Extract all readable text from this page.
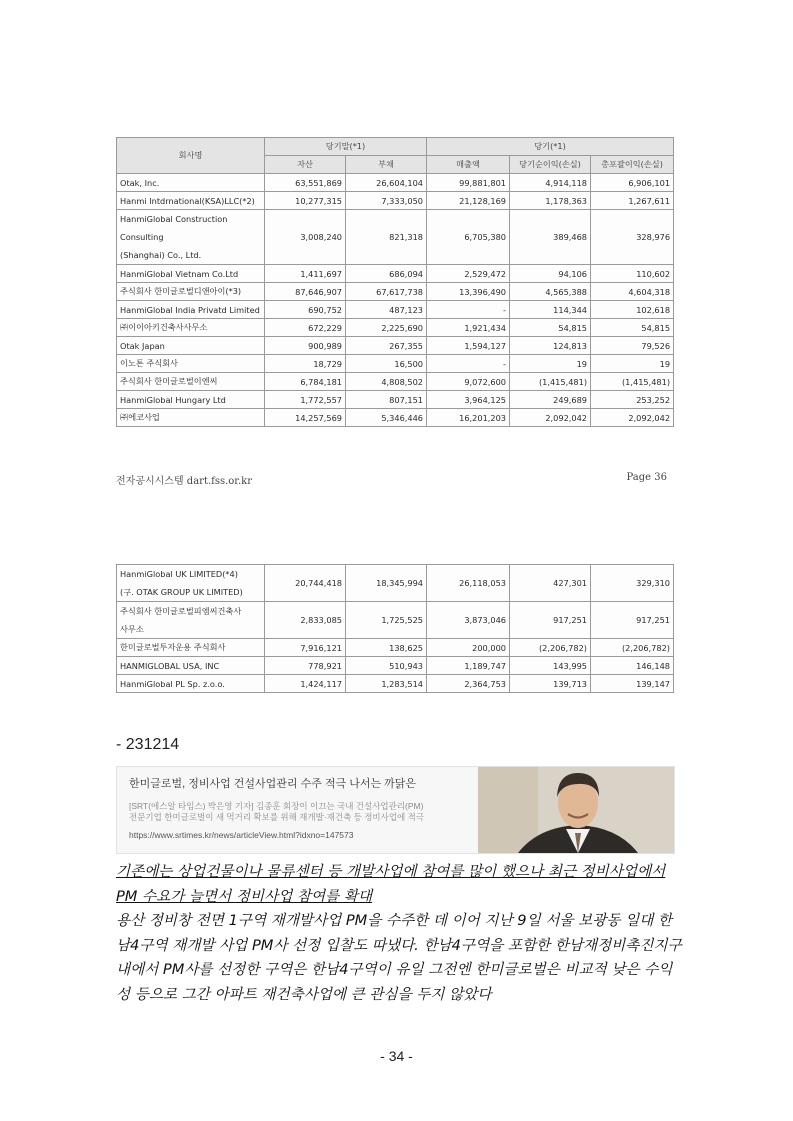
회사명	당기말(*1)		당기(*1)		
	자산	부채	매출액	당기순이익(손실)	총포괄이익(손실)
Otak, Inc.	63,551,869	26,604,104	99,881,801	4,914,118	6,906,101
Hanmi Intdrnational(KSA)LLC(*2)	10,277,315	7,333,050	21,128,169	1,178,363	1,267,611

HanmiGlobal Construction
Consulting
(Shanghai) Co., Ltd.	3,008,240	821,318	6,705,380	389,468	328,976
HanmiGlobal Vietnam Co.Ltd	1,411,697	686,094	2,529,472	94,106	110,602
주식회사 한미글로벌디앤아이(*3)	87,646,907	67,617,738	13,396,490	4,565,388	4,604,318
HanmiGlobal India Privatd Limited	690,752	487,123	-	114,344	102,618
㈜이이아키건축사사무소	672,229	2,225,690	1,921,434	54,815	54,815
Otak Japan	900,989	267,355	1,594,127	124,813	79,526
이노톤 주식회사	18,729	16,500	-	19	19
주식회사 한미글로벌이엔씨	6,784,181	4,808,502	9,072,600	(1,415,481)	(1,415,481)
HanmiGlobal Hungary Ltd	1,772,557	807,151	3,964,125	249,689	253,252
㈜에코사업	14,257,569	5,346,446	16,201,203	2,092,042	2,092,042
전자공시시스템 dart.fss.or.kr	Page 36
HanmiGlobal UK LIMITED(*4)
(구. OTAK GROUP UK LIMITED)	20,744,418	18,345,994	26,118,053	427,301	329,310

주식회사 한미글로벌피엠씨건축사
사무소	2,833,085	1,725,525	3,873,046	917,251	917,251
한미글로벌투자운용 주식회사	7,916,121	138,625	200,000	(2,206,782)	(2,206,782)
HANMIGLOBAL USA, INC	778,921	510,943	1,189,747	143,995	146,148
HanmiGlobal PL Sp. z.o.o.	1,424,117	1,283,514	2,364,753	139,713	139,147
- 231214
한미글로벌, 정비사업 건설사업관리 수주 적극 나서는 까닭은
[SRT(에스알 타임스) 박은영 기자] 김종훈 회장이 이끄는 국내 건설사업관리(PM)
전문기업 한미글로벌이 새 먹거리 확보를 위해 재개발·재건축 등 정비사업에 적극
https://www.srtimes.kr/news/articleView.html?idxno=147573
기존에는 상업건물이나 물류센터 등 개발사업에 참여를 많이 했으나 최근 정비사업에서 PM 수요가 늘면서 정비사업 참여를 확대
용산 정비창 전면 1구역 재개발사업 PM을 수주한 데 이어 지난 9일 서울 보광동 일대 한남4구역 재개발 사업 PM사 선정 입찰도 따냈다. 한남4구역을 포함한 한남재정비촉진지구 내에서 PM사를 선정한 구역은 한남4구역이 유일 그전엔 한미글로벌은 비교적 낮은 수익성 등으로 그간 아파트 재건축사업에 큰 관심을 두지 않았다
- 34 -
